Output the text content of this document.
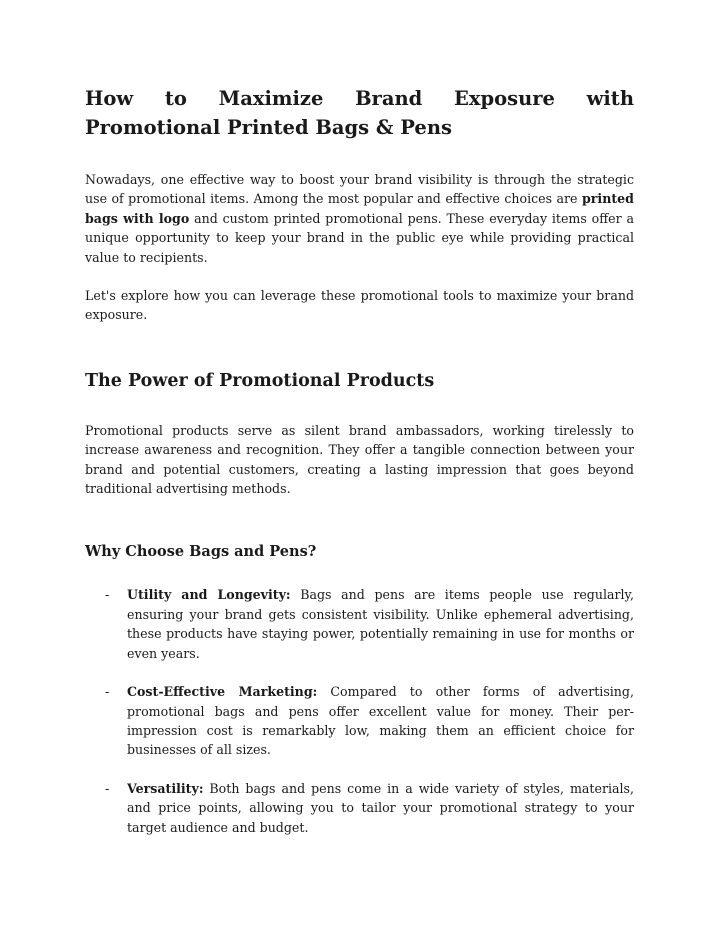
How to Maximize Brand Exposure with Promotional Printed Bags & Pens

Nowadays, one effective way to boost your brand visibility is through the strategic use of promotional items. Among the most popular and effective choices are printed bags with logo and custom printed promotional pens. These everyday items offer a unique opportunity to keep your brand in the public eye while providing practical value to recipients.

Let's explore how you can leverage these promotional tools to maximize your brand exposure.

The Power of Promotional Products

Promotional products serve as silent brand ambassadors, working tirelessly to increase awareness and recognition. They offer a tangible connection between your brand and potential customers, creating a lasting impression that goes beyond traditional advertising methods.

Why Choose Bags and Pens?
- Utility and Longevity: Bags and pens are items people use regularly, ensuring your brand gets consistent visibility. Unlike ephemeral advertising, these products have staying power, potentially remaining in use for months or even years.

- Cost-Effective Marketing: Compared to other forms of advertising, promotional bags and pens offer excellent value for money. Their per-impression cost is remarkably low, making them an efficient choice for businesses of all sizes.

- Versatility: Both bags and pens come in a wide variety of styles, materials, and price points, allowing you to tailor your promotional strategy to your target audience and budget.
